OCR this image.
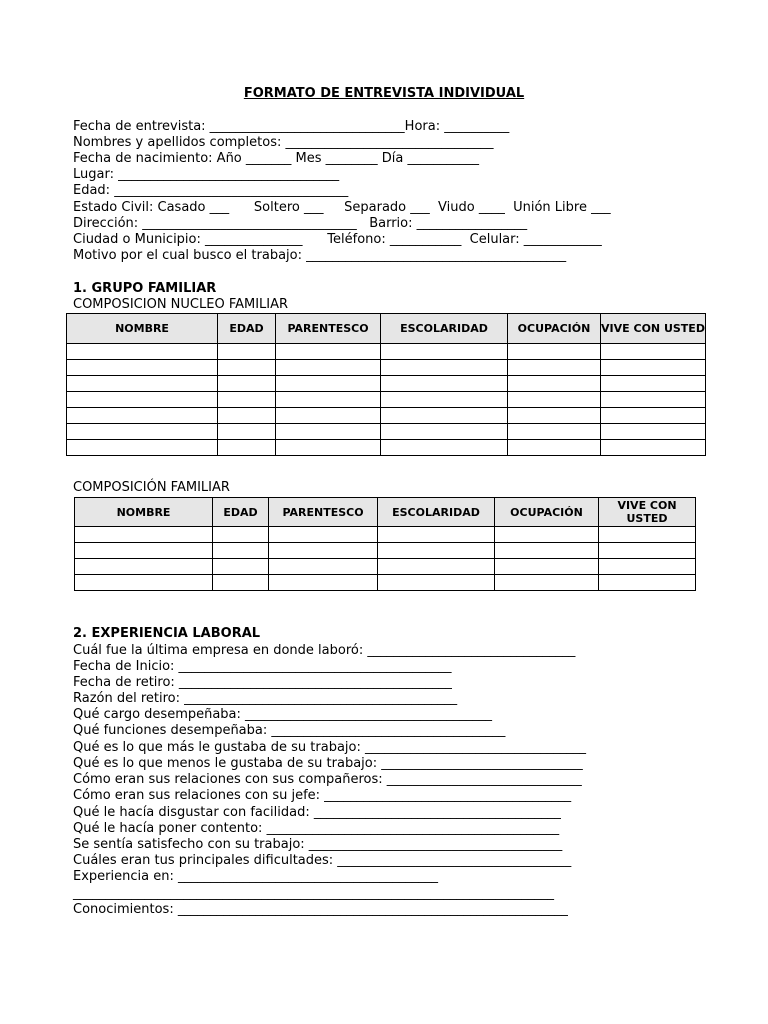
FORMATO DE ENTREVISTA INDIVIDUAL
Fecha de entrevista: ______________________________Hora: __________
Nombres y apellidos completos: ________________________________
Fecha de nacimiento: Año _______ Mes ________ Día ___________
Lugar: __________________________________
Edad: ____________________________________
Estado Civil: Casado ___      Soltero ___     Separado ___  Viudo ____  Unión Libre ___
Dirección: _________________________________   Barrio: _________________
Ciudad o Municipio: _______________      Teléfono: ___________  Celular: ____________
Motivo por el cual busco el trabajo: ________________________________________
1. GRUPO FAMILIAR
COMPOSICION NUCLEO FAMILIAR
NOMBRE	EDAD	PARENTESCO	ESCOLARIDAD	OCUPACIÓN	VIVE CON USTED

COMPOSICIÓN FAMILIAR
NOMBRE	EDAD	PARENTESCO	ESCOLARIDAD	OCUPACIÓN	VIVE CON USTED

2. EXPERIENCIA LABORAL
Cuál fue la última empresa en donde laboró: ________________________________
Fecha de Inicio: __________________________________________
Fecha de retiro: __________________________________________
Razón del retiro: __________________________________________
Qué cargo desempeñaba: ______________________________________
Qué funciones desempeñaba: ____________________________________
Qué es lo que más le gustaba de su trabajo: __________________________________
Qué es lo que menos le gustaba de su trabajo: _______________________________
Cómo eran sus relaciones con sus compañeros: ______________________________
Cómo eran sus relaciones con su jefe: ______________________________________
Qué le hacía disgustar con facilidad: ______________________________________
Qué le hacía poner contento: _____________________________________________
Se sentía satisfecho con su trabajo: _______________________________________
Cuáles eran tus principales dificultades: ____________________________________
Experiencia en: ________________________________________
__________________________________________________________________________
Conocimientos: ____________________________________________________________
